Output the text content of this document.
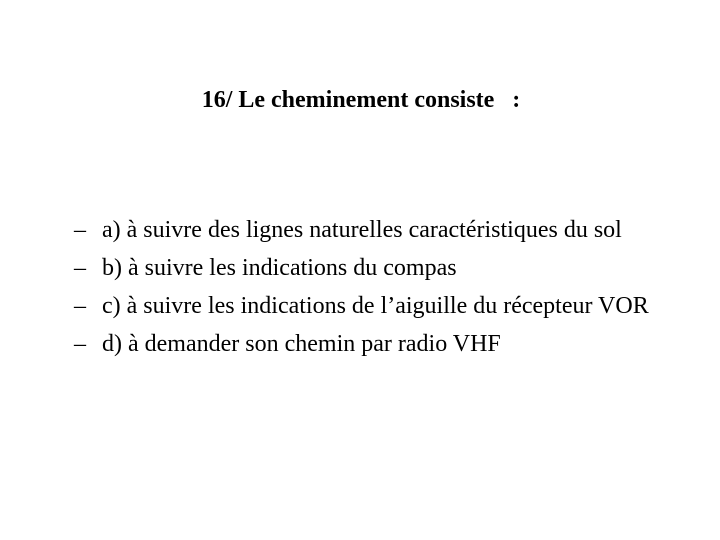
16/ Le cheminement consiste   :
– a) à suivre des lignes naturelles caractéristiques du sol
– b) à suivre les indications du compas
– c) à suivre les indications de l’aiguille du récepteur VOR
– d) à demander son chemin par radio VHF
